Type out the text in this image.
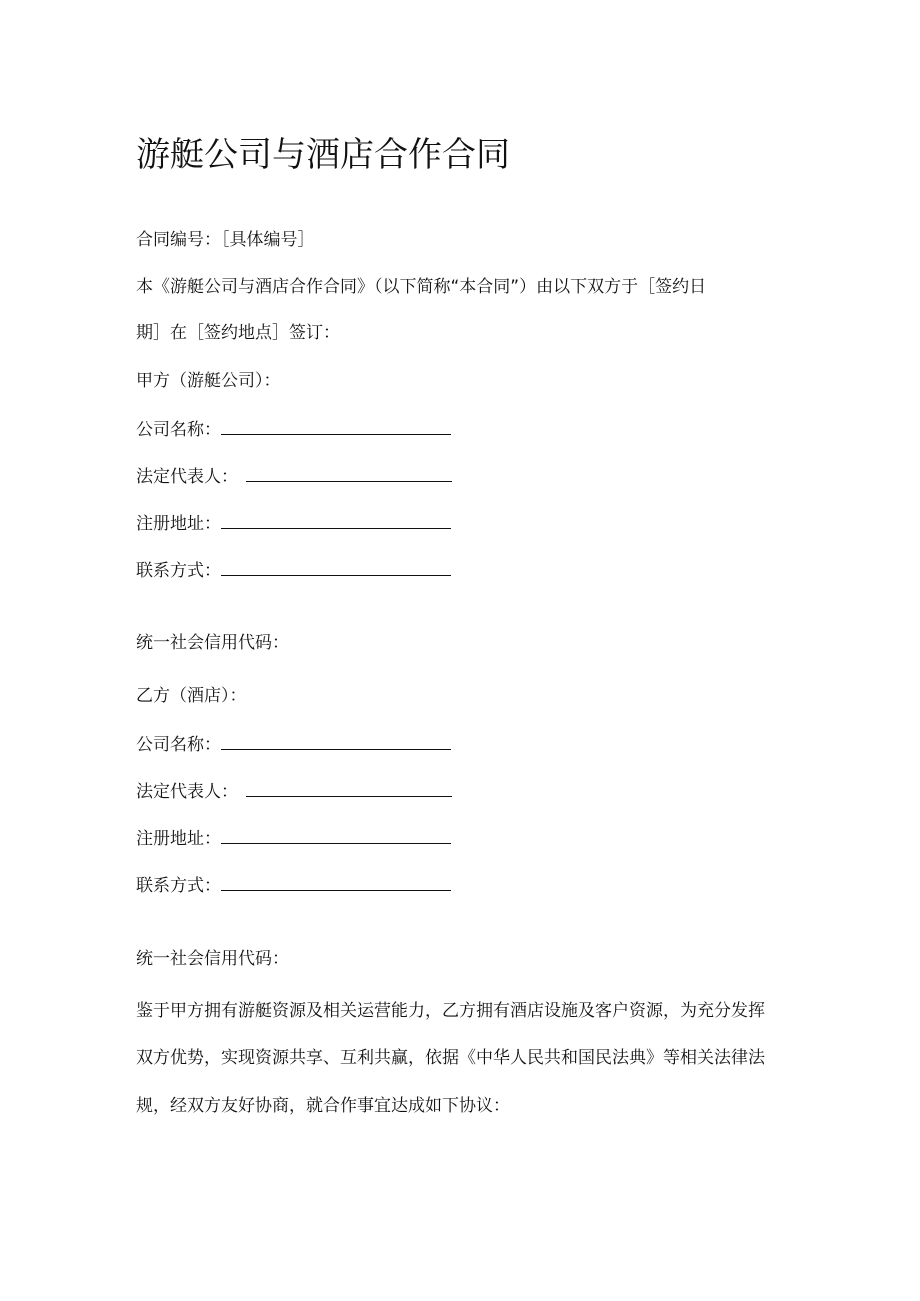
游艇公司与酒店合作合同

合同编号：［具体编号］

本《游艇公司与酒店合作合同》（以下简称“本合同”）由以下双方于［签约日

期］在［签约地点］签订：

甲方（游艇公司）：

公司名称：

法定代表人：

注册地址：

联系方式：

统一社会信用代码：

乙方（酒店）：

公司名称：

法定代表人：

注册地址：

联系方式：

统一社会信用代码：

鉴于甲方拥有游艇资源及相关运营能力，乙方拥有酒店设施及客户资源，为充分发挥

双方优势，实现资源共享、互利共赢，依据《中华人民共和国民法典》等相关法律法

规，经双方友好协商，就合作事宜达成如下协议：
